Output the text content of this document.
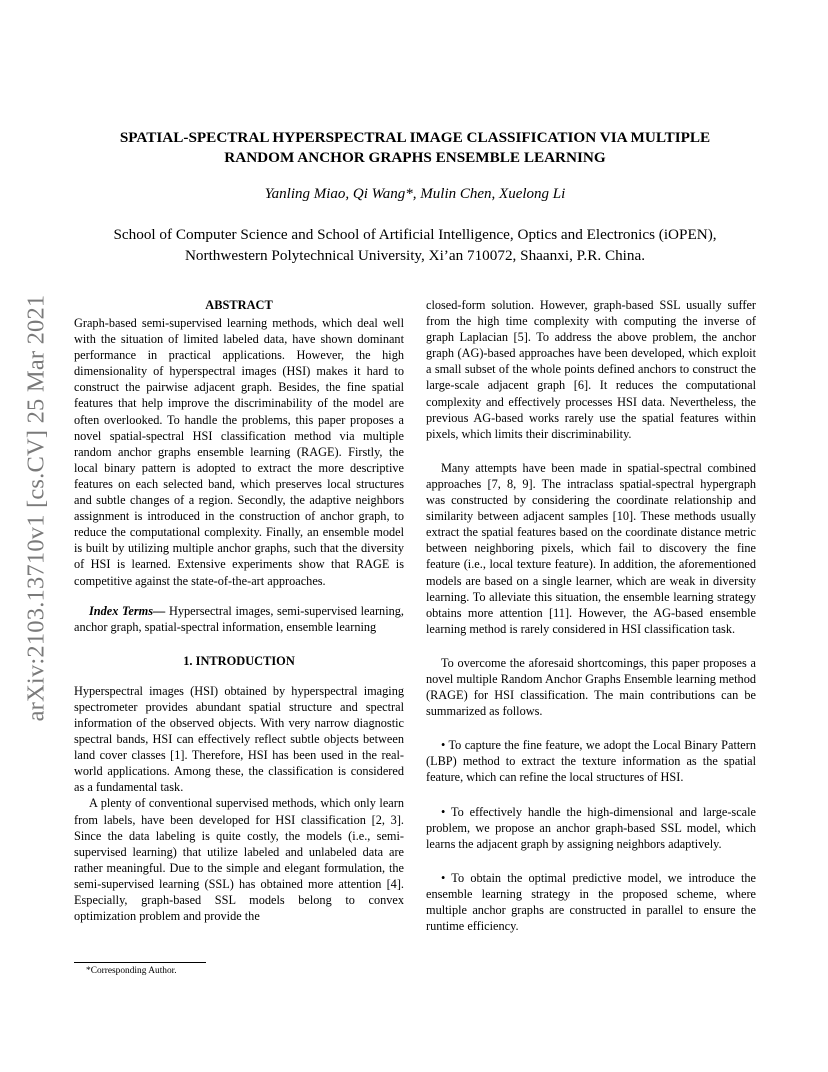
arXiv:2103.13710v1 [cs.CV] 25 Mar 2021
SPATIAL-SPECTRAL HYPERSPECTRAL IMAGE CLASSIFICATION VIA MULTIPLE
RANDOM ANCHOR GRAPHS ENSEMBLE LEARNING
Yanling Miao, Qi Wang*, Mulin Chen, Xuelong Li
School of Computer Science and School of Artificial Intelligence, Optics and Electronics (iOPEN),
Northwestern Polytechnical University, Xi’an 710072, Shaanxi, P.R. China.
ABSTRACT

Graph-based semi-supervised learning methods, which deal well with the situation of limited labeled data, have shown dominant performance in practical applications. However, the high dimensionality of hyperspectral images (HSI) makes it hard to construct the pairwise adjacent graph. Besides, the fine spatial features that help improve the discriminability of the model are often overlooked. To handle the problems, this paper proposes a novel spatial-spectral HSI classification method via multiple random anchor graphs ensemble learning (RAGE). Firstly, the local binary pattern is adopted to extract the more descriptive features on each selected band, which preserves local structures and subtle changes of a region. Secondly, the adaptive neighbors assignment is introduced in the construction of anchor graph, to reduce the computational complexity. Finally, an ensemble model is built by utilizing multiple anchor graphs, such that the diversity of HSI is learned. Extensive experiments show that RAGE is competitive against the state-of-the-art approaches.

Index Terms— Hypersectral images, semi-supervised learning, anchor graph, spatial-spectral information, ensemble learning

1. INTRODUCTION

Hyperspectral images (HSI) obtained by hyperspectral imaging spectrometer provides abundant spatial structure and spectral information of the observed objects. With very narrow diagnostic spectral bands, HSI can effectively reflect subtle objects between land cover classes [1]. Therefore, HSI has been used in the real-world applications. Among these, the classification is considered as a fundamental task.

A plenty of conventional supervised methods, which only learn from labels, have been developed for HSI classification [2, 3]. Since the data labeling is quite costly, the models (i.e., semi-supervised learning) that utilize labeled and unlabeled data are rather meaningful. Due to the simple and elegant formulation, the semi-supervised learning (SSL) has obtained more attention [4]. Especially, graph-based SSL models belong to convex optimization problem and provide the

closed-form solution. However, graph-based SSL usually suffer from the high time complexity with computing the inverse of graph Laplacian [5]. To address the above problem, the anchor graph (AG)-based approaches have been developed, which exploit a small subset of the whole points defined anchors to construct the large-scale adjacent graph [6]. It reduces the computational complexity and effectively processes HSI data. Nevertheless, the previous AG-based works rarely use the spatial features within pixels, which limits their discriminability.

Many attempts have been made in spatial-spectral combined approaches [7, 8, 9]. The intraclass spatial-spectral hypergraph was constructed by considering the coordinate relationship and similarity between adjacent samples [10]. These methods usually extract the spatial features based on the coordinate distance metric between neighboring pixels, which fail to discovery the fine feature (i.e., local texture feature). In addition, the aforementioned models are based on a single learner, which are weak in diversity learning. To alleviate this situation, the ensemble learning strategy obtains more attention [11]. However, the AG-based ensemble learning method is rarely considered in HSI classification task.

To overcome the aforesaid shortcomings, this paper proposes a novel multiple Random Anchor Graphs Ensemble learning method (RAGE) for HSI classification. The main contributions can be summarized as follows.

• To capture the fine feature, we adopt the Local Binary Pattern (LBP) method to extract the texture information as the spatial feature, which can refine the local structures of HSI.

• To effectively handle the high-dimensional and large-scale problem, we propose an anchor graph-based SSL model, which learns the adjacent graph by assigning neighbors adaptively.

• To obtain the optimal predictive model, we introduce the ensemble learning strategy in the proposed scheme, where multiple anchor graphs are constructed in parallel to ensure the runtime efficiency.

*Corresponding Author.
